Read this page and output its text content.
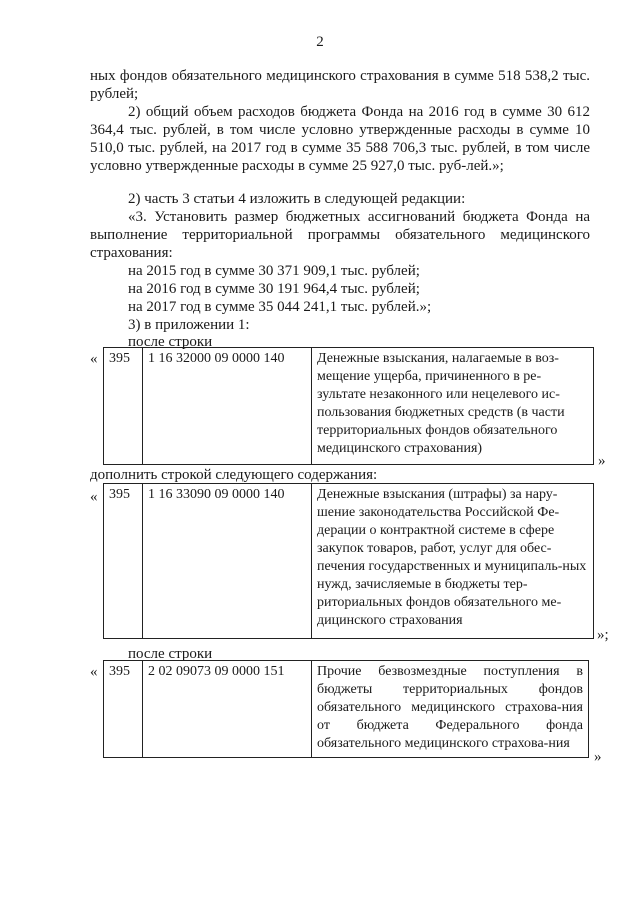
2
ных фондов обязательного медицинского страхования в сумме 518 538,2 тыс. рублей;
2) общий объем расходов бюджета Фонда на 2016 год в сумме 30 612 364,4 тыс. рублей, в том числе условно утвержденные расходы в сумме 10 510,0 тыс. рублей, на 2017 год в сумме 35 588 706,3 тыс. рублей, в том числе условно утвержденные расходы в сумме 25 927,0 тыс. руб-лей.»;
2) часть 3 статьи 4 изложить в следующей редакции:
«3. Установить размер бюджетных ассигнований бюджета Фонда на выполнение территориальной программы обязательного медицинского страхования:
на 2015 год в сумме 30 371 909,1 тыс. рублей;
на 2016 год в сумме 30 191 964,4 тыс. рублей;
на 2017 год в сумме 35 044 241,1 тыс. рублей.»;
3) в приложении 1:
после строки
« 395	1 16 32000 09 0000 140	Денежные взыскания, налагаемые в воз-мещение ущерба, причиненного в ре-зультате незаконного или нецелевого ис-пользования бюджетных средств (в части территориальных фондов обязательного медицинского страхования)
»
дополнить строкой следующего содержания:
« 395	1 16 33090 09 0000 140	Денежные взыскания (штрафы) за нару-шение законодательства Российской Фе-дерации о контрактной системе в сфере закупок товаров, работ, услуг для обес-печения государственных и муниципаль-ных нужд, зачисляемые в бюджеты тер-риториальных фондов обязательного ме-дицинского страхования
»;
после строки
« 395	2 02 09073 09 0000 151	Прочие безвозмездные поступления в бюджеты территориальных фондов обязательного медицинского страхова-ния от бюджета Федерального фонда обязательного медицинского страхова-ния
»
